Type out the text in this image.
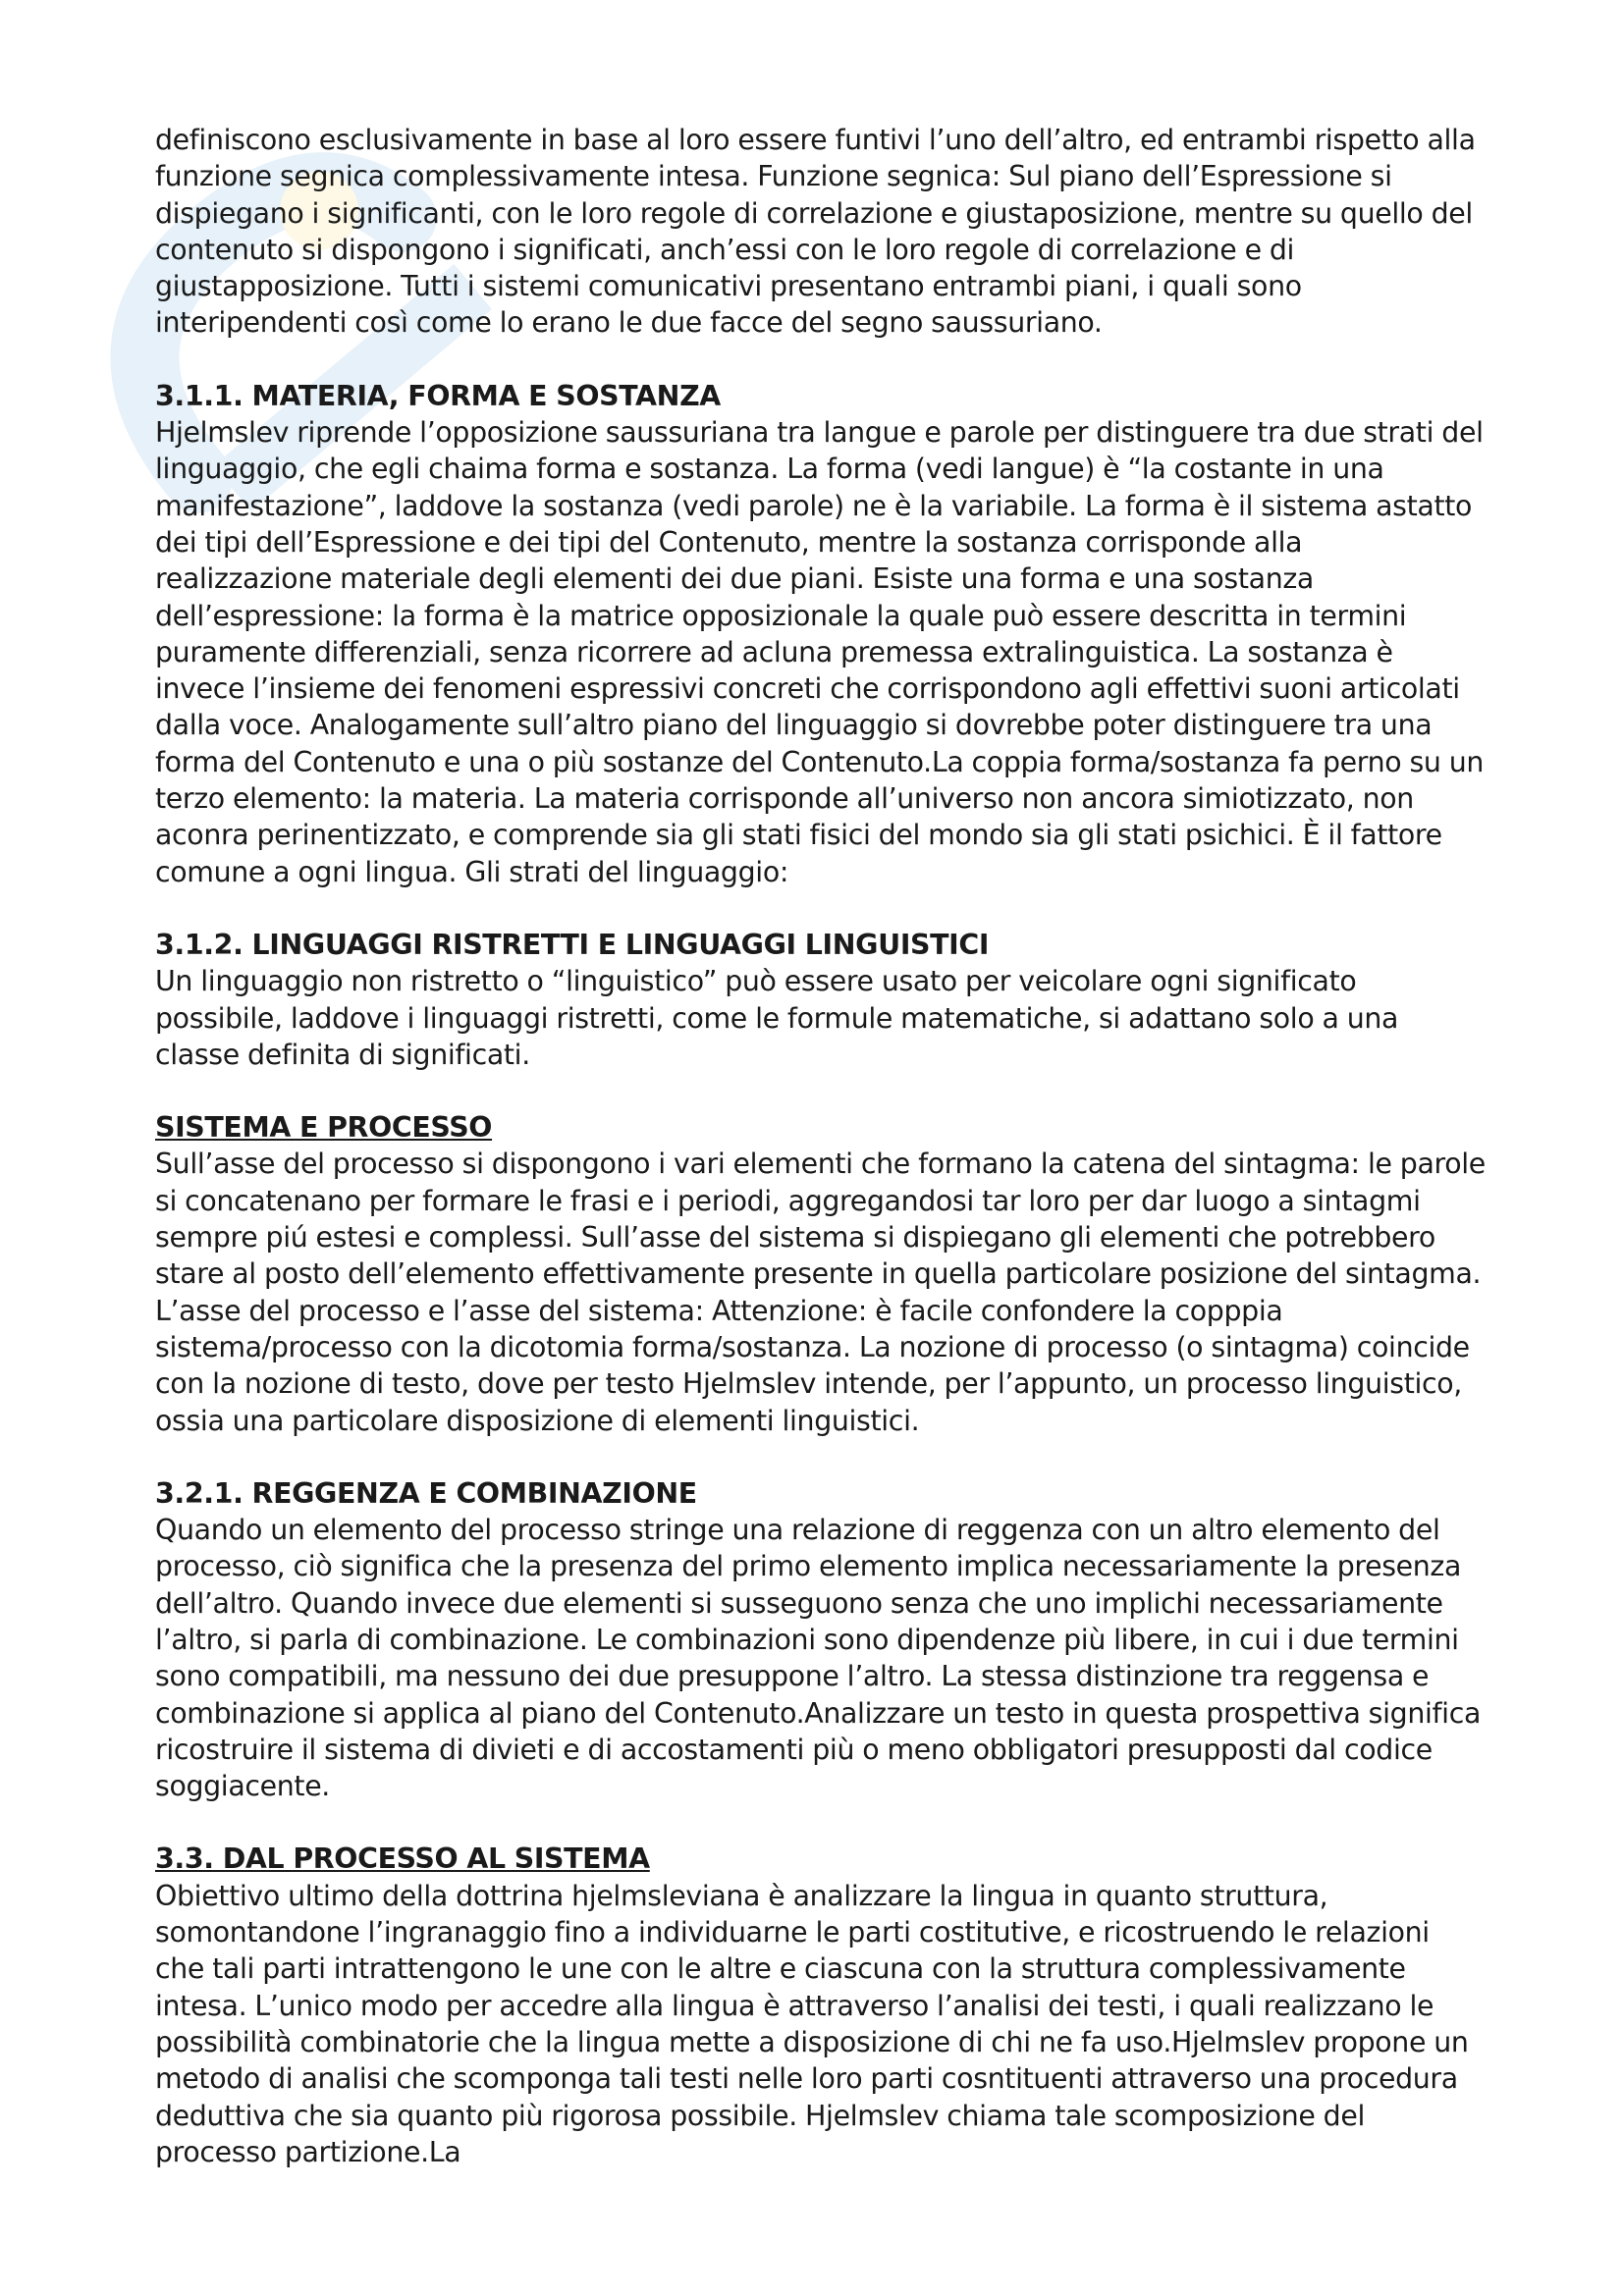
definiscono esclusivamente in base al loro essere funtivi l’uno dell’altro, ed entrambi rispetto alla funzione segnica complessivamente intesa. Funzione segnica: Sul piano dell’Espressione si dispiegano i significanti, con le loro regole di correlazione e giustaposizione, mentre su quello del contenuto si dispongono i significati, anch’essi con le loro regole di correlazione e di giustapposizione. Tutti i sistemi comunicativi presentano entrambi piani, i quali sono interipendenti così come lo erano le due facce del segno saussuriano.

3.1.1. MATERIA, FORMA E SOSTANZA

Hjelmslev riprende l’opposizione saussuriana tra langue e parole per distinguere tra due strati del linguaggio, che egli chaima forma e sostanza. La forma (vedi langue) è “la costante in una manifestazione”, laddove la sostanza (vedi parole) ne è la variabile. La forma è il sistema astatto dei tipi dell’Espressione e dei tipi del Contenuto, mentre la sostanza corrisponde alla realizzazione materiale degli elementi dei due piani. Esiste una forma e una sostanza dell’espressione: la forma è la matrice opposizionale la quale può essere descritta in termini puramente differenziali, senza ricorrere ad acluna premessa extralinguistica. La sostanza è invece l’insieme dei fenomeni espressivi concreti che corrispondono agli effettivi suoni articolati dalla voce. Analogamente sull’altro piano del linguaggio si dovrebbe poter distinguere tra una forma del Contenuto e una o più sostanze del Contenuto.La coppia forma/sostanza fa perno su un terzo elemento: la materia. La materia corrisponde all’universo non ancora simiotizzato, non aconra perinentizzato, e comprende sia gli stati fisici del mondo sia gli stati psichici. È il fattore comune a ogni lingua. Gli strati del linguaggio:

3.1.2. LINGUAGGI RISTRETTI E LINGUAGGI LINGUISTICI

Un linguaggio non ristretto o “linguistico” può essere usato per veicolare ogni significato possibile, laddove i linguaggi ristretti, come le formule matematiche, si adattano solo a una classe definita di significati.

SISTEMA E PROCESSO

Sull’asse del processo si dispongono i vari elementi che formano la catena del sintagma: le parole si concatenano per formare le frasi e i periodi, aggregandosi tar loro per dar luogo a sintagmi sempre piú estesi e complessi. Sull’asse del sistema si dispiegano gli elementi che potrebbero stare al posto dell’elemento effettivamente presente in quella particolare posizione del sintagma. L’asse del processo e l’asse del sistema: Attenzione: è facile confondere la copppia sistema/processo con la dicotomia forma/sostanza. La nozione di processo (o sintagma) coincide con la nozione di testo, dove per testo Hjelmslev intende, per l’appunto, un processo linguistico, ossia una particolare disposizione di elementi linguistici.

3.2.1. REGGENZA E COMBINAZIONE

Quando un elemento del processo stringe una relazione di reggenza con un altro elemento del processo, ciò significa che la presenza del primo elemento implica necessariamente la presenza dell’altro. Quando invece due elementi si susseguono senza che uno implichi necessariamente l’altro, si parla di combinazione. Le combinazioni sono dipendenze più libere, in cui i due termini sono compatibili, ma nessuno dei due presuppone l’altro. La stessa distinzione tra reggensa e combinazione si applica al piano del Contenuto.Analizzare un testo in questa prospettiva significa ricostruire il sistema di divieti e di accostamenti più o meno obbligatori presupposti dal codice soggiacente.

3.3. DAL PROCESSO AL SISTEMA

Obiettivo ultimo della dottrina hjelmsleviana è analizzare la lingua in quanto struttura, somontandone l’ingranaggio fino a individuarne le parti costitutive, e ricostruendo le relazioni che tali parti intrattengono le une con le altre e ciascuna con la struttura complessivamente intesa. L’unico modo per accedre alla lingua è attraverso l’analisi dei testi, i quali realizzano le possibilità combinatorie che la lingua mette a disposizione di chi ne fa uso.Hjelmslev propone un metodo di analisi che scomponga tali testi nelle loro parti cosntituenti attraverso una procedura deduttiva che sia quanto più rigorosa possibile. Hjelmslev chiama tale scomposizione del processo partizione.La
